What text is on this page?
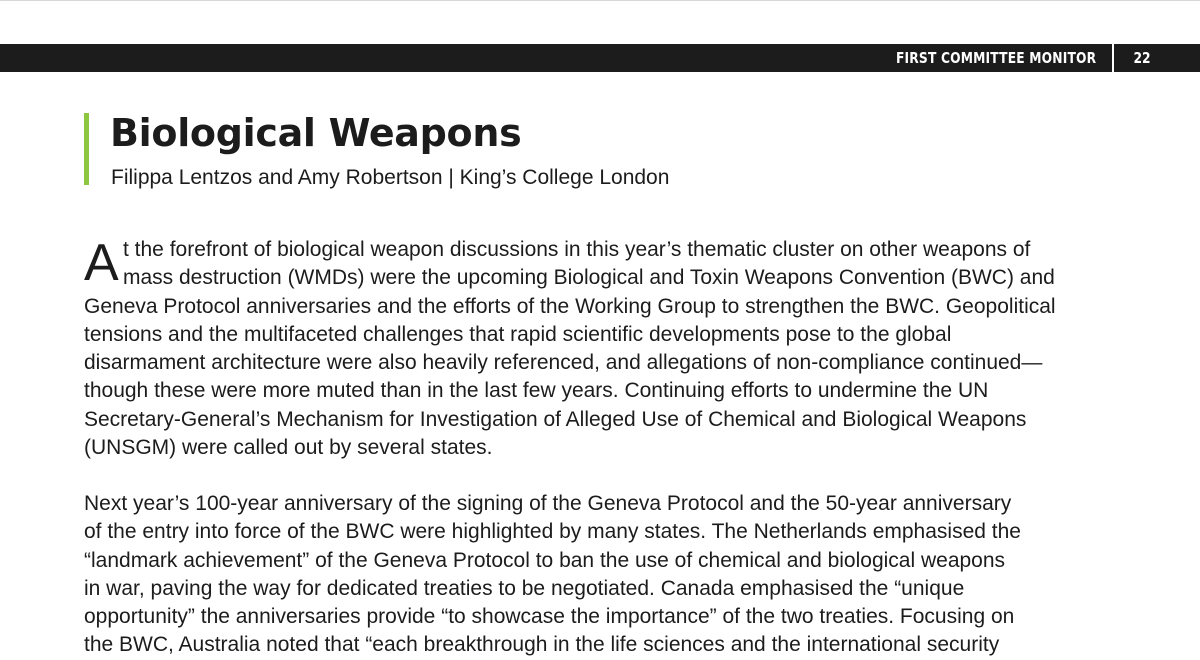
FIRST COMMITTEE MONITOR	22
Biological Weapons

Filippa Lentzos and Amy Robertson | King’s College London

A t the forefront of biological weapon discussions in this year’s thematic cluster on other weapons of
mass destruction (WMDs) were the upcoming Biological and Toxin Weapons Convention (BWC) and
Geneva Protocol anniversaries and the efforts of the Working Group to strengthen the BWC. Geopolitical
tensions and the multifaceted challenges that rapid scientific developments pose to the global
disarmament architecture were also heavily referenced, and allegations of non-compliance continued—
though these were more muted than in the last few years. Continuing efforts to undermine the UN
Secretary-General’s Mechanism for Investigation of Alleged Use of Chemical and Biological Weapons
(UNSGM) were called out by several states.
Next year’s 100-year anniversary of the signing of the Geneva Protocol and the 50-year anniversary
of the entry into force of the BWC were highlighted by many states. The Netherlands emphasised the
“landmark achievement” of the Geneva Protocol to ban the use of chemical and biological weapons
in war, paving the way for dedicated treaties to be negotiated. Canada emphasised the “unique
opportunity” the anniversaries provide “to showcase the importance” of the two treaties. Focusing on
the BWC, Australia noted that “each breakthrough in the life sciences and the international security
